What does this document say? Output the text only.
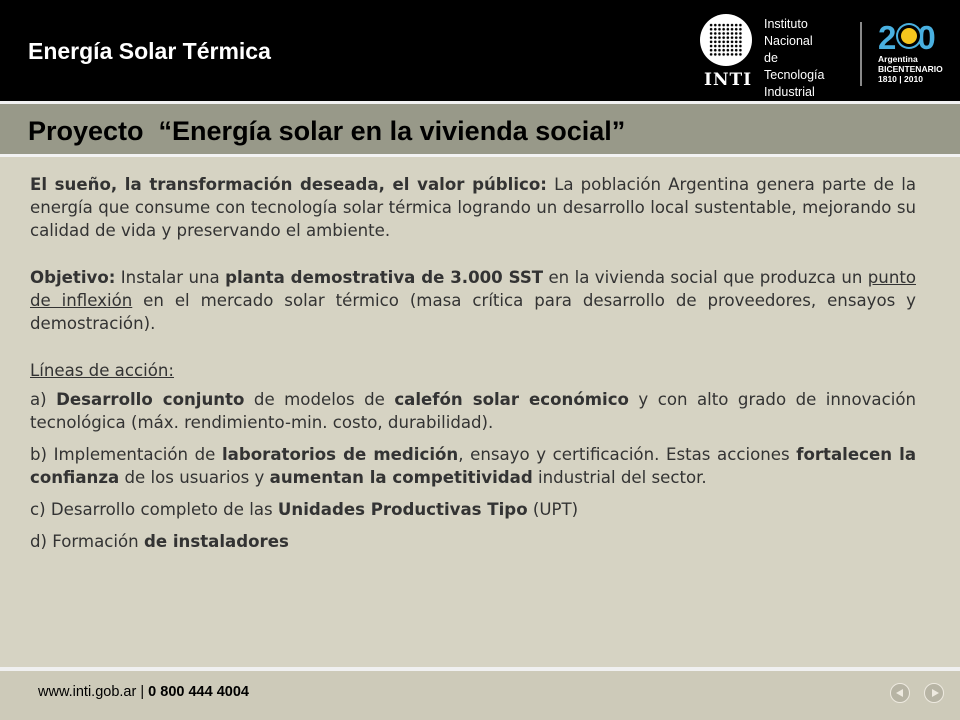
Energía Solar Térmica
INTI
Instituto
Nacional
de Tecnología
Industrial
2 0
Argentina
BICENTENARIO
1810 | 2010
Proyecto  “Energía solar en la vivienda social”

El sueño, la transformación deseada, el valor público: La población Argentina genera parte de la energía que consume con tecnología solar térmica logrando un desarrollo local sustentable, mejorando su calidad de vida y preservando el ambiente.

Objetivo: Instalar una planta demostrativa de 3.000 SST en la vivienda social que produzca un punto de inflexión en el mercado solar térmico (masa crítica para desarrollo de proveedores, ensayos y demostración).

Líneas de acción:

a) Desarrollo conjunto de modelos de calefón solar económico y con alto grado de innovación tecnológica (máx. rendimiento-min. costo, durabilidad).

b) Implementación de laboratorios de medición, ensayo y certificación. Estas acciones fortalecen la confianza de los usuarios y aumentan la competitividad industrial del sector.

c) Desarrollo completo de las Unidades Productivas Tipo (UPT)

d) Formación de instaladores

www.inti.gob.ar | 0 800 444 4004
